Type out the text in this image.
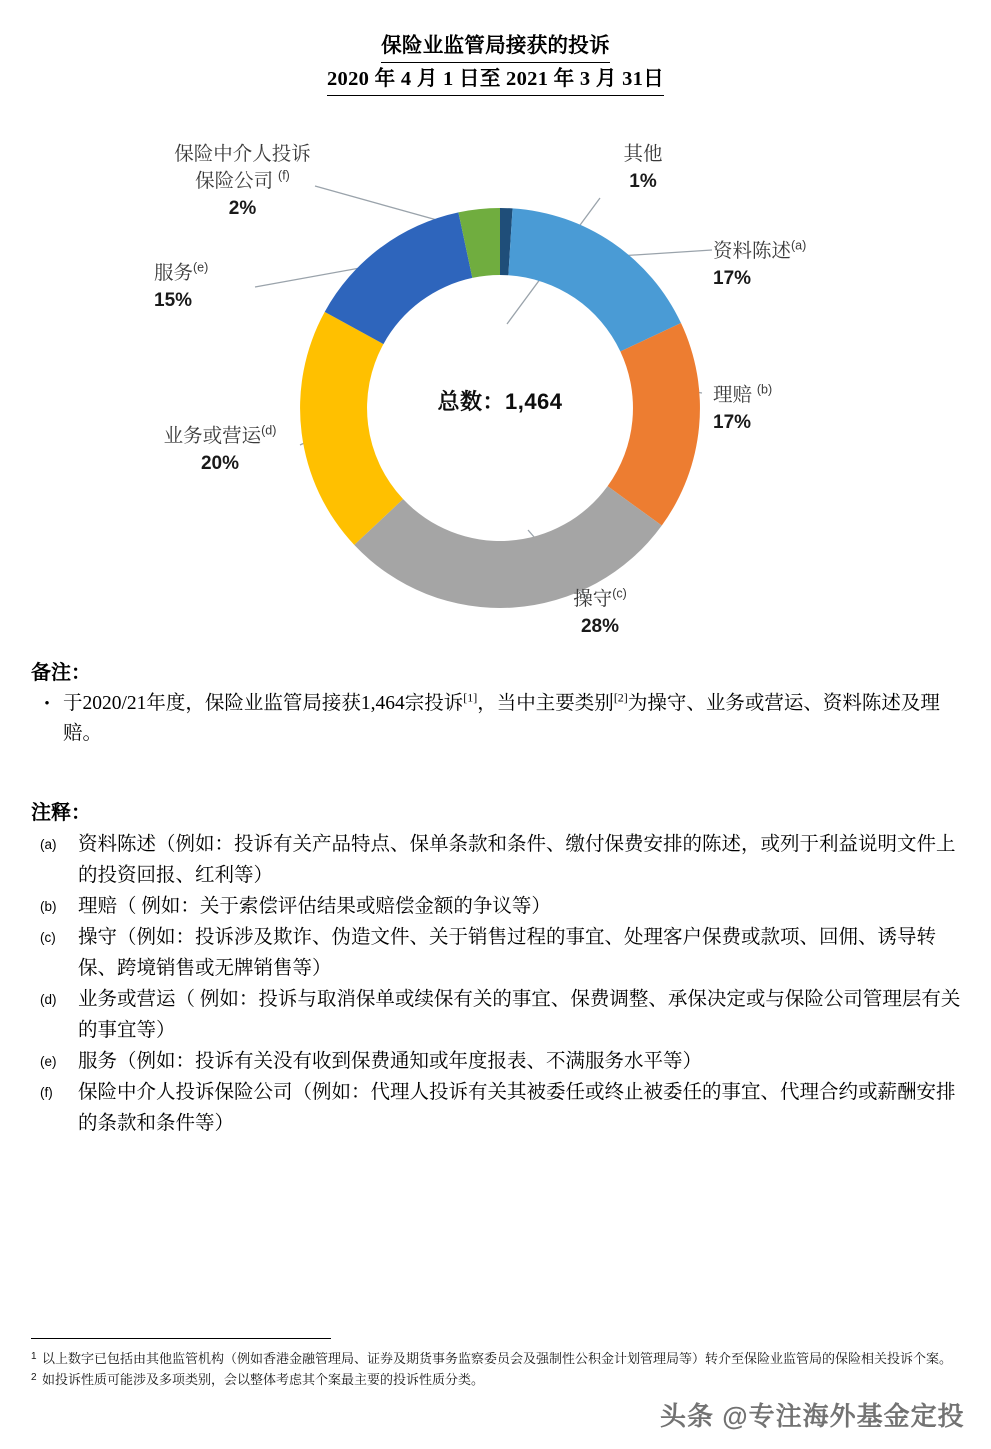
保险业监管局接获的投诉
2020 年 4 月 1 日至 2021 年 3 月 31日
总数：1,464
其他
1%
资料陈述$^{(a)}$
17%
理赔 $^{(b)}$
17%
操守$^{(c)}$
28%
业务或营运$^{(d)}$
20%
服务$^{(e)}$
15%
保险中介人投诉
保险公司 $^{(f)}$
2%
备注：
• 于2020/21年度，保险业监管局接获1,464宗投诉[1]，当中主要类别[2]为操守、业务或营运、资料陈述及理赔。
注释：
(a)	资料陈述（例如：投诉有关产品特点、保单条款和条件、缴付保费安排的陈述，或列于利益说明文件上的投资回报、红利等）
(b)	理赔（ 例如：关于索偿评估结果或赔偿金额的争议等）
(c)	操守（例如：投诉涉及欺诈、伪造文件、关于销售过程的事宜、处理客户保费或款项、回佣、诱导转保、跨境销售或无牌销售等）
(d)	业务或营运（ 例如：投诉与取消保单或续保有关的事宜、保费调整、承保决定或与保险公司管理层有关的事宜等）
(e)	服务（例如：投诉有关没有收到保费通知或年度报表、不满服务水平等）
(f)	保险中介人投诉保险公司（例如：代理人投诉有关其被委任或终止被委任的事宜、代理合约或薪酬安排的条款和条件等）
1 以上数字已包括由其他监管机构（例如香港金融管理局、证券及期货事务监察委员会及强制性公积金计划管理局等）转介至保险业监管局的保险相关投诉个案。
2 如投诉性质可能涉及多项类别，会以整体考虑其个案最主要的投诉性质分类。
头条 @专注海外基金定投
